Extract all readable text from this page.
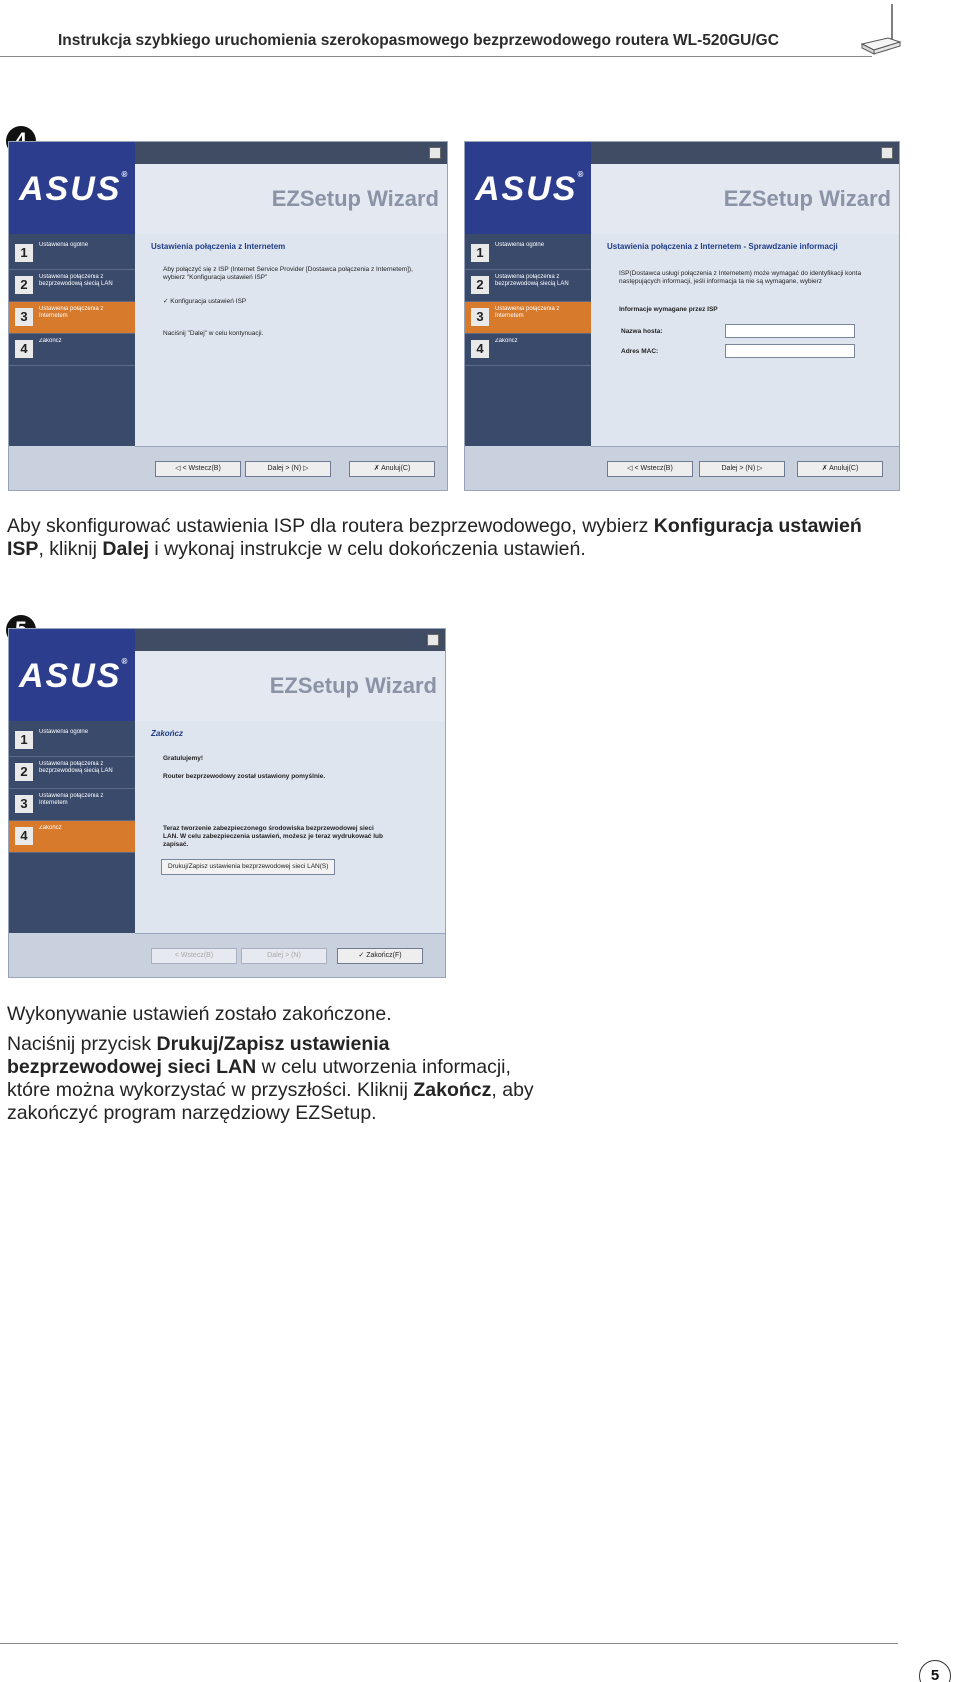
Instrukcja szybkiego uruchomienia szerokopasmowego bezprzewodowego routera WL-520GU/GC
ASUS®
EZSetup Wizard
1	Ustawienia ogólne
2	Ustawienia połączenia z bezprzewodową siecią LAN
3	Ustawienia połączenia z Internetem
4	Zakończ
Ustawienia połączenia z Internetem
Aby połączyć się z ISP (Internet Service Provider [Dostawca połączenia z Internetem]), wybierz "Konfiguracja ustawień ISP"
✓ Konfiguracja ustawień ISP
Naciśnij "Dalej" w celu kontynuacji.
◁ < Wstecz(B)	Dalej > (N) ▷	✗ Anuluj(C)
ASUS®
EZSetup Wizard
1	Ustawienia ogólne
2	Ustawienia połączenia z bezprzewodową siecią LAN
3	Ustawienia połączenia z Internetem
4	Zakończ
Ustawienia połączenia z Internetem - Sprawdzanie informacji
ISP(Dostawca usługi połączenia z Internetem) może wymagać do identyfikacji konta następujących informacji, jeśli informacja ta nie są wymagane, wybierz
Informacje wymagane przez ISP
Nazwa hosta:
Adres MAC:
◁ < Wstecz(B)	Dalej > (N) ▷	✗ Anuluj(C)
Aby skonfigurować ustawienia ISP dla routera bezprzewodowego, wybierz Konfiguracja ustawień ISP, kliknij Dalej i wykonaj instrukcje w celu dokończenia ustawień.
ASUS®
EZSetup Wizard
1	Ustawienia ogólne
2	Ustawienia połączenia z bezprzewodową siecią LAN
3	Ustawienia połączenia z Internetem
4	Zakończ
Zakończ
Gratulujemy!
Router bezprzewodowy został ustawiony pomyślnie.
Teraz tworzenie zabezpieczonego środowiska bezprzewodowej sieci LAN. W celu zabezpieczenia ustawień, możesz je teraz wydrukować lub zapisać.
Drukuj/Zapisz ustawienia bezprzewodowej sieci LAN(S)
< Wstecz(B)	Dalej > (N)	✓ Zakończ(F)
Wykonywanie ustawień zostało zakończone.
Naciśnij przycisk Drukuj/Zapisz ustawienia bezprzewodowej sieci LAN w celu utworzenia informacji, które można wykorzystać w przyszłości. Kliknij Zakończ, aby zakończyć program narzędziowy EZSetup.
5
